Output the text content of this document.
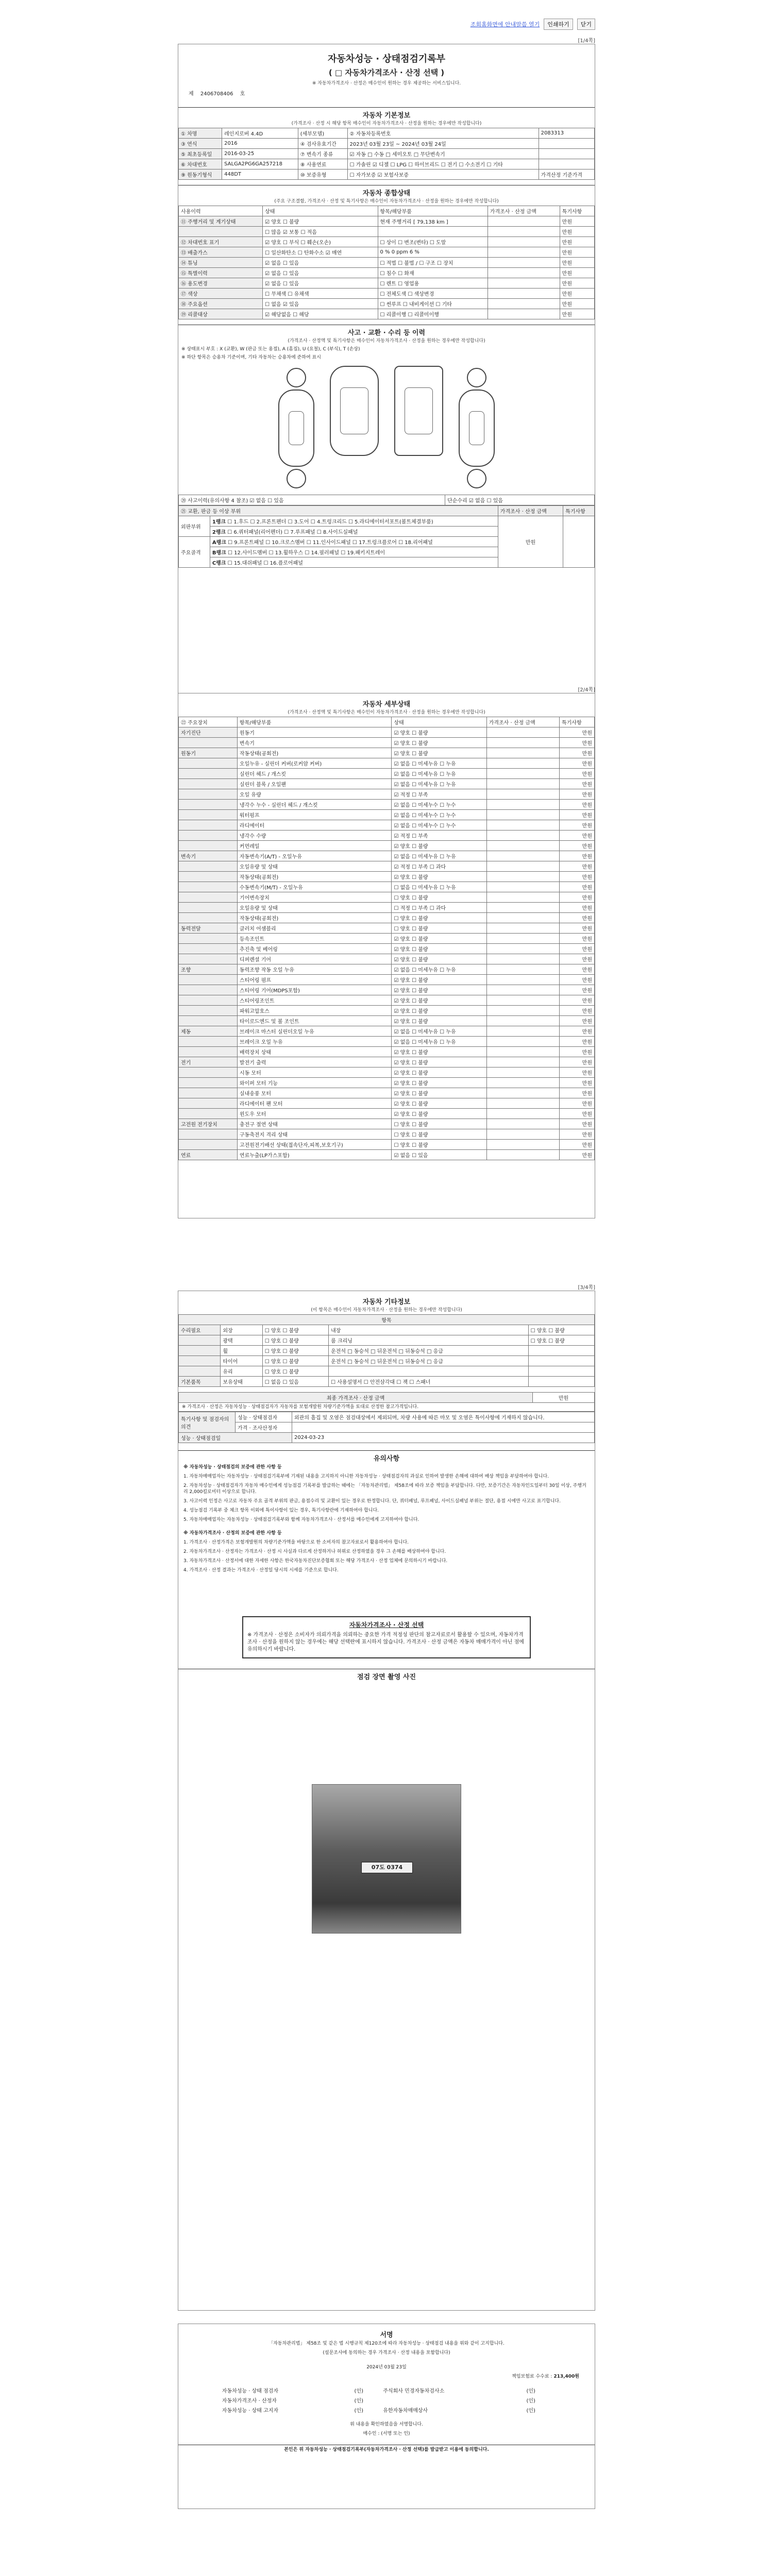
조회홈화면에 안내말씀 열기	인쇄하기	닫기
[1/4쪽]
자동차성능 · 상태점검기록부
( □ 자동차가격조사 · 산정 선택 )
※ 자동차가격조사 · 산정은 매수인이 원하는 경우 제공하는 서비스입니다.
제 2406708406 호
자동차 기본정보
(가격조사 · 산정 시 해당 항목 매수인이 자동차가격조사 · 산정을 원하는 경우에만 작성합니다)
① 차명	레인지로버 4.4D	(세부모델)	② 자동차등록번호	2083313
③ 연식	2016	④ 검사유효기간	2023년 03월 23일 ~ 2024년 03월 24일	
⑤ 최초등록일	2016-03-25	⑦ 변속기 종류	☑ 자동 □ 수동 □ 세미오토 □ 무단변속기	
⑥ 차대번호	SALGA2PG6GA257218	⑧ 사용연료	☐ 가솔린 ☑ 디젤 ☐ LPG ☐ 하이브리드 ☐ 전기 ☐ 수소전기 ☐ 기타	
⑨ 원동기형식	448DT	⑩ 보증유형	☐ 자가보증 ☑ 보험사보증	가격산정 기준가격
자동차 종합상태
(주요 구조결함, 가격조사 · 산정 및 특기사항은 매수인이 자동차가격조사 · 산정을 원하는 경우에만 작성합니다)
사용이력	상태	항목/해당부품	가격조사 · 산정 금액	특기사항
⑪ 주행거리 및 계기상태	☑ 양호 ☐ 불량	현재 주행거리 [ 79,138 km ]		만원
	☐ 많음 ☑ 보통 ☐ 적음			만원
⑫ 차대번호 표기	☑ 양호 ☐ 부식 ☐ 훼손(오손)	☐ 상이 ☐ 변조(변타) ☐ 도말		만원
⑬ 배출가스	☐ 일산화탄소 ☐ 탄화수소 ☑ 매연	0 % 0 ppm 6 %		만원
⑭ 튜닝	☑ 없음 ☐ 있음	☐ 적법 ☐ 불법 / ☐ 구조 ☐ 장치		만원
⑮ 특별이력	☑ 없음 ☐ 있음	☐ 침수 ☐ 화재		만원
⑯ 용도변경	☑ 없음 ☐ 있음	☐ 렌트 ☐ 영업용		만원
⑰ 색상	☐ 무채색 ☐ 유채색	☐ 전체도색 ☐ 색상변경		만원
⑱ 주요옵션	☐ 없음 ☑ 있음	☐ 썬루프 ☐ 내비게이션 ☐ 기타		만원
⑲ 리콜대상	☑ 해당없음 ☐ 해당	☐ 리콜이행 ☐ 리콜미이행		만원
사고 · 교환 · 수리 등 이력
(가격조사 · 산정액 및 특기사항은 매수인이 자동차가격조사 · 산정을 원하는 경우에만 작성합니다)
※ 상태표시 부호 : X (교환), W (판금 또는 용접), A (흠집), U (요철), C (부식), T (손상)
※ 하단 항목은 승용차 기준이며, 기타 자동차는 승용차에 준하여 표시
⑳ 사고이력(유의사항 4 참조) ☑ 없음 ☐ 있음	단순수리 ☑ 없음 ☐ 있음
㉑ 교환, 판금 등 이상 부위		가격조사 · 산정 금액	특기사항
외판부위	1랭크 ☐ 1.후드 ☐ 2.프론트펜더 ☐ 3.도어 ☐ 4.트렁크리드 ☐ 5.라디에이터서포트(볼트체결부품)	만원	
	2랭크 ☐ 6.쿼터패널(리어펜더) ☐ 7.루프패널 ☐ 8.사이드실패널		
주요골격	A랭크 ☐ 9.프론트패널 ☐ 10.크로스멤버 ☐ 11.인사이드패널 ☐ 17.트렁크플로어 ☐ 18.리어패널		
	B랭크 ☐ 12.사이드멤버 ☐ 13.휠하우스 ☐ 14.필러패널 ☐ 19.패키지트레이		
	C랭크 ☐ 15.대쉬패널 ☐ 16.플로어패널		
[2/4쪽]
자동차 세부상태
(가격조사 · 산정액 및 특기사항은 매수인이 자동차가격조사 · 산정을 원하는 경우에만 작성합니다)
㉒ 주요장치	항목/해당부품	상태	가격조사 · 산정 금액	특기사항
자기진단	원동기	☑ 양호 ☐ 불량		만원
	변속기	☑ 양호 ☐ 불량		만원
원동기	작동상태(공회전)	☑ 양호 ☐ 불량		만원
	오일누유 - 실린더 커버(로커암 커버)	☑ 없음 ☐ 미세누유 ☐ 누유		만원
	실린더 헤드 / 개스킷	☑ 없음 ☐ 미세누유 ☐ 누유		만원
	실린더 블록 / 오일팬	☑ 없음 ☐ 미세누유 ☐ 누유		만원
	오일 유량	☑ 적정 ☐ 부족		만원
	냉각수 누수 - 실린더 헤드 / 개스킷	☑ 없음 ☐ 미세누수 ☐ 누수		만원
	워터펌프	☑ 없음 ☐ 미세누수 ☐ 누수		만원
	라디에이터	☑ 없음 ☐ 미세누수 ☐ 누수		만원
	냉각수 수량	☑ 적정 ☐ 부족		만원
	커먼레일	☑ 양호 ☐ 불량		만원
변속기	자동변속기(A/T) - 오일누유	☑ 없음 ☐ 미세누유 ☐ 누유		만원
	오일유량 및 상태	☑ 적정 ☐ 부족 ☐ 과다		만원
	작동상태(공회전)	☑ 양호 ☐ 불량		만원
	수동변속기(M/T) - 오일누유	☐ 없음 ☐ 미세누유 ☐ 누유		만원
	기어변속장치	☐ 양호 ☐ 불량		만원
	오일유량 및 상태	☐ 적정 ☐ 부족 ☐ 과다		만원
	작동상태(공회전)	☐ 양호 ☐ 불량		만원
동력전달	클러치 어셈블리	☐ 양호 ☐ 불량		만원
	등속조인트	☑ 양호 ☐ 불량		만원
	추진축 및 베어링	☑ 양호 ☐ 불량		만원
	디퍼렌셜 기어	☑ 양호 ☐ 불량		만원
조향	동력조향 작동 오일 누유	☑ 없음 ☐ 미세누유 ☐ 누유		만원
	스티어링 펌프	☑ 양호 ☐ 불량		만원
	스티어링 기어(MDPS포함)	☑ 양호 ☐ 불량		만원
	스티어링조인트	☑ 양호 ☐ 불량		만원
	파워고압호스	☑ 양호 ☐ 불량		만원
	타이로드엔드 및 볼 조인트	☑ 양호 ☐ 불량		만원
제동	브레이크 마스터 실린더오일 누유	☑ 없음 ☐ 미세누유 ☐ 누유		만원
	브레이크 오일 누유	☑ 없음 ☐ 미세누유 ☐ 누유		만원
	배력장치 상태	☑ 양호 ☐ 불량		만원
전기	발전기 출력	☑ 양호 ☐ 불량		만원
	시동 모터	☑ 양호 ☐ 불량		만원
	와이퍼 모터 기능	☑ 양호 ☐ 불량		만원
	실내송풍 모터	☑ 양호 ☐ 불량		만원
	라디에이터 팬 모터	☑ 양호 ☐ 불량		만원
	윈도우 모터	☑ 양호 ☐ 불량		만원
고전원 전기장치	충전구 절연 상태	☐ 양호 ☐ 불량		만원
	구동축전지 격리 상태	☐ 양호 ☐ 불량		만원
	고전원전기배선 상태(접속단자,피복,보호기구)	☐ 양호 ☐ 불량		만원
연료	연료누출(LP가스포함)	☑ 없음 ☐ 있음		만원
[3/4쪽]
자동차 기타정보
(이 항목은 매수인이 자동차가격조사 · 산정을 원하는 경우에만 작성합니다)
항목				
수리필요	외장	☐ 양호 ☐ 불량	내장	☐ 양호 ☐ 불량
	광택	☐ 양호 ☐ 불량	룸 크리닝	☐ 양호 ☐ 불량
	휠	☐ 양호 ☐ 불량	운전석 □ 동승석 □ 뒤운전석 □ 뒤동승석 □ 응급	
	타이어	☐ 양호 ☐ 불량	운전석 □ 동승석 □ 뒤운전석 □ 뒤동승석 □ 응급	
	유리	☐ 양호 ☐ 불량		
기본품목	보유상태	☐ 없음 ☐ 있음	☐ 사용설명서 ☐ 안전삼각대 ☐ 잭 ☐ 스패너	
최종 가격조사 · 산정 금액	만원
※ 가격조사 · 산정은 자동차성능 · 상태점검자가 자동차를 보험개발원 차량기준가액을 토대로 산정한 참고가격입니다.
특기사항 및 점검자의 의견	성능 · 상태점검자	외관의 흠집 및 오염은 점검대상에서 제외되며, 차량 사용에 따른 마모 및 오염은 특이사항에 기재하지 않습니다.
	가격 · 조사산정자	
성능 · 상태점검일		2024-03-23
유의사항
※ 자동차성능 · 상태점검의 보증에 관한 사항 등
1. 자동차매매업자는 자동차성능 · 상태점검기록부에 기재된 내용을 고지하지 아니한 자동차성능 · 상태점검자의 과실로 인하여 발생한 손해에 대하여 배상 책임을 부담하여야 합니다.
2. 자동차성능 · 상태점검자가 자동차 매수인에게 성능점검 기록부를 발급하는 때에는 「자동차관리법」 제58조에 따라 보증 책임을 부담합니다. 다만, 보증기간은 자동차인도일부터 30일 이상, 주행거리 2,000킬로미터 이상으로 합니다.
3. 사고이력 인정은 사고로 자동차 주요 골격 부위의 판금, 용접수리 및 교환이 있는 경우로 한정합니다. 단, 쿼터패널, 루프패널, 사이드실패널 부위는 절단, 용접 시에만 사고로 표기합니다.
4. 성능점검 기록부 중 체크 항목 이외에 특이사항이 있는 경우, 특기사항란에 기재하여야 합니다.
5. 자동차매매업자는 자동차성능 · 상태점검기록부와 함께 자동차가격조사 · 산정서를 매수인에게 고지하여야 합니다.
※ 자동차가격조사 · 산정의 보증에 관한 사항 등
1. 가격조사 · 산정가격은 보험개발원의 차량기준가액을 바탕으로 한 소비자의 참고자료로서 활용하여야 합니다.
2. 자동차가격조사 · 산정자는 가격조사 · 산정 시 사실과 다르게 산정하거나 허위로 산정하였을 경우 그 손해를 배상하여야 합니다.
3. 자동차가격조사 · 산정서에 대한 자세한 사항은 한국자동차진단보증협회 또는 해당 가격조사 · 산정 업체에 문의하시기 바랍니다.
4. 가격조사 · 산정 결과는 가격조사 · 산정일 당시의 시세를 기준으로 합니다.
자동차가격조사 · 산정 선택
※ 가격조사 · 산정은 소비자가 의뢰가격을 의뢰하는 중요한 가격 적정성 판단의 참고자료로서 활용할 수 있으며, 자동차가격조사 · 산정을 원하지 않는 경우에는 해당 선택란에 표시하지 않습니다. 가격조사 · 산정 금액은 자동차 매매가격이 아닌 점에 유의하시기 바랍니다.
점검 장면 촬영 사진
07도 0374
서명
「자동차관리법」 제58조 및 같은 법 시행규칙 제120조에 따라 자동차성능 · 상태점검 내용을 위와 같이 고지합니다.
(설문조사에 동의하는 경우 가격조사 · 산정 내용을 포함합니다)
2024년 03월 23일
책임보험료 수수료 : 213,400원
자동차성능 · 상태 점검자	(인)	주식회사 민경자동차검사소	(인)
자동차가격조사 · 산정자	(인)		(인)
자동차성능 · 상태 고지자	(인)	유한자동차매매상사	(인)
위 내용을 확인하였음을 서명합니다.
매수인 : (서명 또는 인)
본인은 위 자동차성능 · 상태점검기록부(자동차가격조사 · 산정 선택)를 발급받고 이용에 동의합니다.
